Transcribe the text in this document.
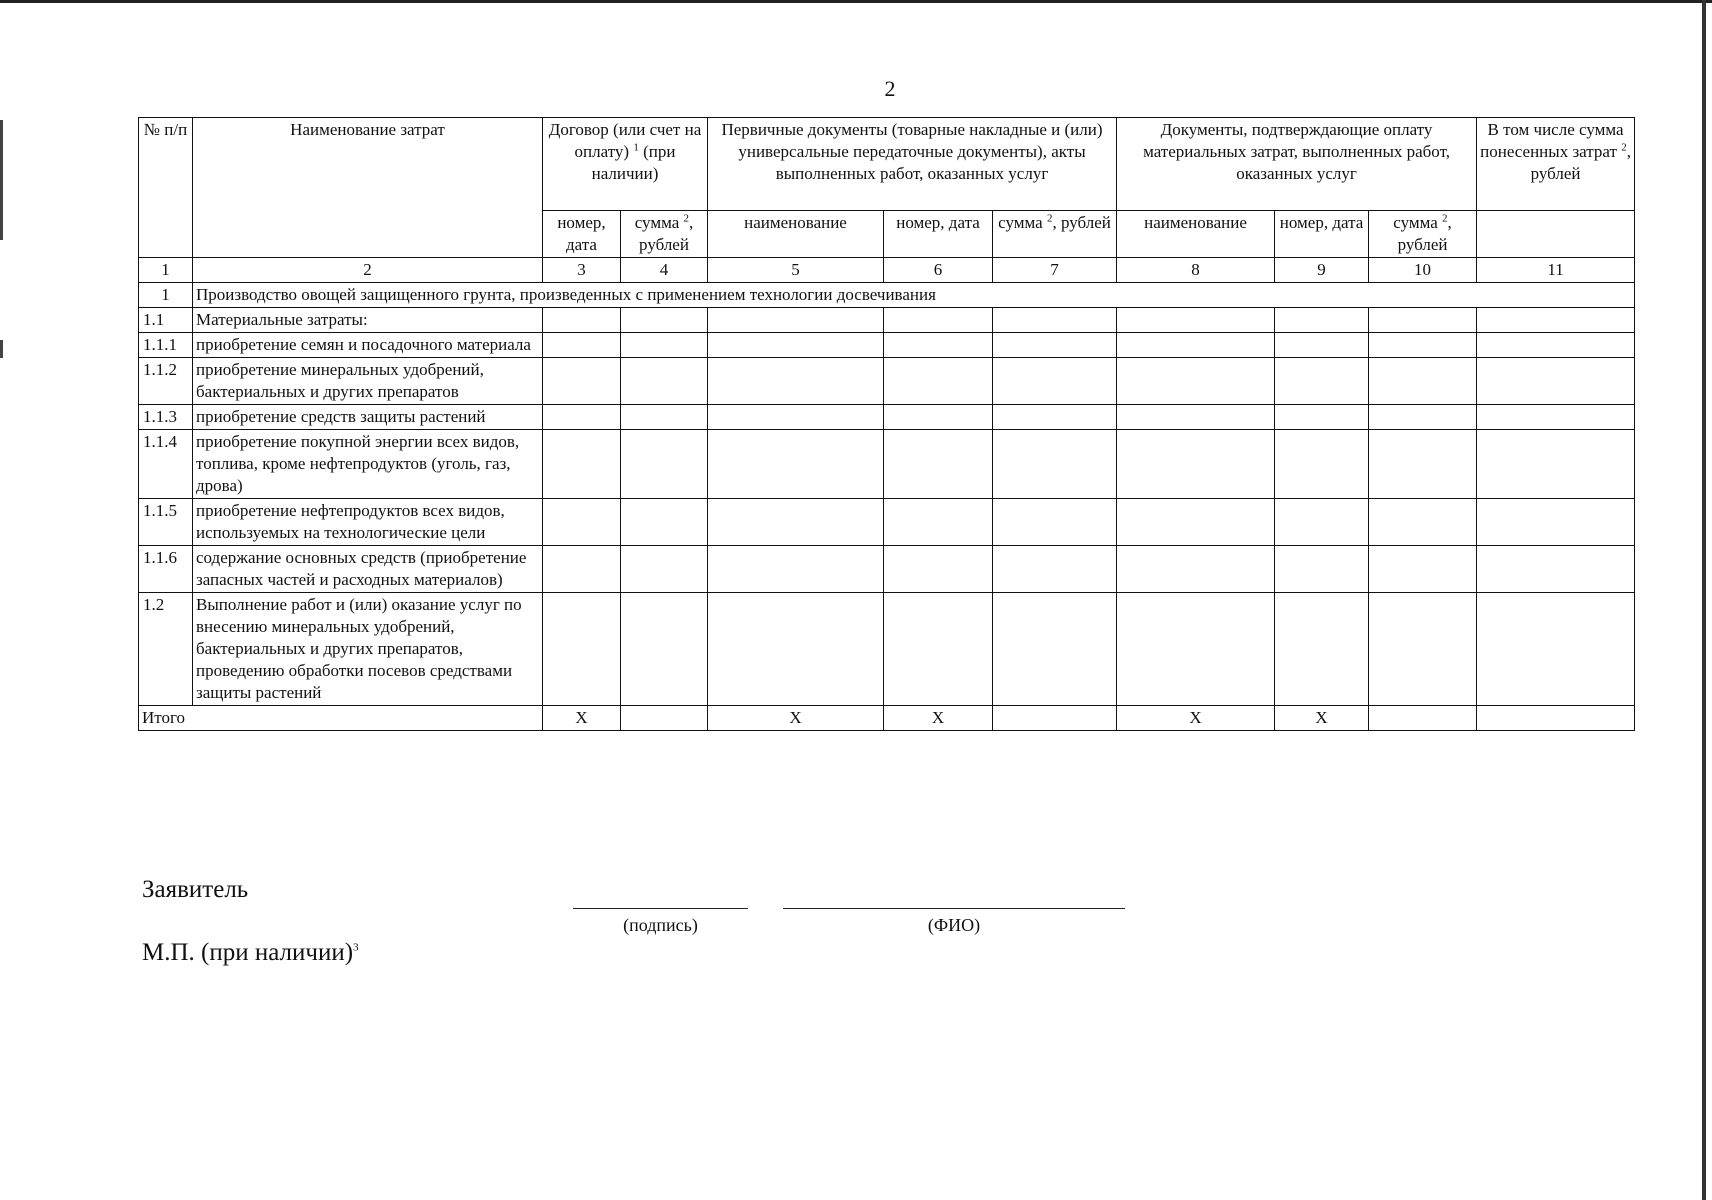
2
№ п/п	Наименование затрат	Договор (или счет на оплату) $^1$ (при наличии)		Первичные документы (товарные накладные и (или) универсальные передаточные документы), акты выполненных работ, оказанных услуг			Документы, подтверждающие оплату материальных затрат, выполненных работ, оказанных услуг			В том числе сумма понесенных затрат $^2$, рублей
		номер, дата	сумма $^2$, рублей	наименование	номер, дата	сумма $^2$, рублей	наименование	номер, дата	сумма $^2$, рублей	
1	2	3	4	5	6	7	8	9	10	11
1	Производство овощей защищенного грунта, произведенных с применением технологии досвечивания									
1.1	Материальные затраты:									
1.1.1	приобретение семян и посадочного материала									
1.1.2	приобретение минеральных удобрений, бактериальных и других препаратов									
1.1.3	приобретение средств защиты растений									
1.1.4	приобретение покупной энергии всех видов, топлива, кроме нефтепродуктов (уголь, газ, дрова)									
1.1.5	приобретение нефтепродуктов всех видов, используемых на технологические цели									
1.1.6	содержание основных средств (приобретение запасных частей и расходных материалов)									
1.2	Выполнение работ и (или) оказание услуг по внесению минеральных удобрений, бактериальных и других препаратов, проведению обработки посевов средствами защиты растений									
Итого		X		X	X		X	X		
Заявитель
(подпись)	(ФИО)
М.П. (при наличии)$^3$
